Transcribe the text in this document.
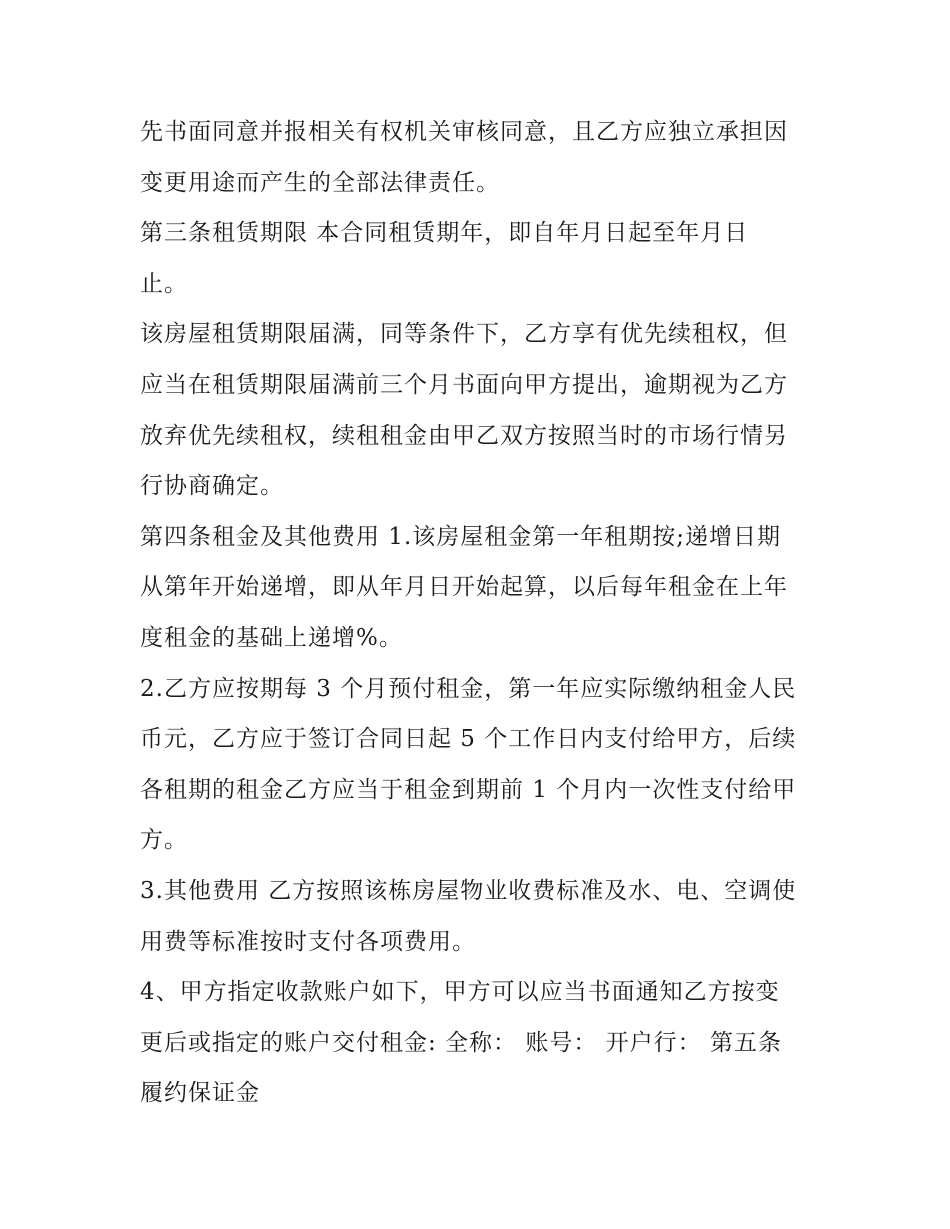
先书面同意并报相关有权机关审核同意，且乙方应独立承担因
变更用途而产生的全部法律责任。
第三条租赁期限 本合同租赁期年，即自年月日起至年月日
止。
该房屋租赁期限届满，同等条件下，乙方享有优先续租权，但
应当在租赁期限届满前三个月书面向甲方提出，逾期视为乙方
放弃优先续租权，续租租金由甲乙双方按照当时的市场行情另
行协商确定。
第四条租金及其他费用 1.该房屋租金第一年租期按;递增日期
从第年开始递增，即从年月日开始起算，以后每年租金在上年
度租金的基础上递增%。
2.乙方应按期每 3 个月预付租金，第一年应实际缴纳租金人民
币元，乙方应于签订合同日起 5 个工作日内支付给甲方，后续
各租期的租金乙方应当于租金到期前 1 个月内一次性支付给甲
方。
3.其他费用 乙方按照该栋房屋物业收费标准及水、电、空调使
用费等标准按时支付各项费用。
4、甲方指定收款账户如下，甲方可以应当书面通知乙方按变
更后或指定的账户交付租金: 全称： 账号： 开户行： 第五条
履约保证金
